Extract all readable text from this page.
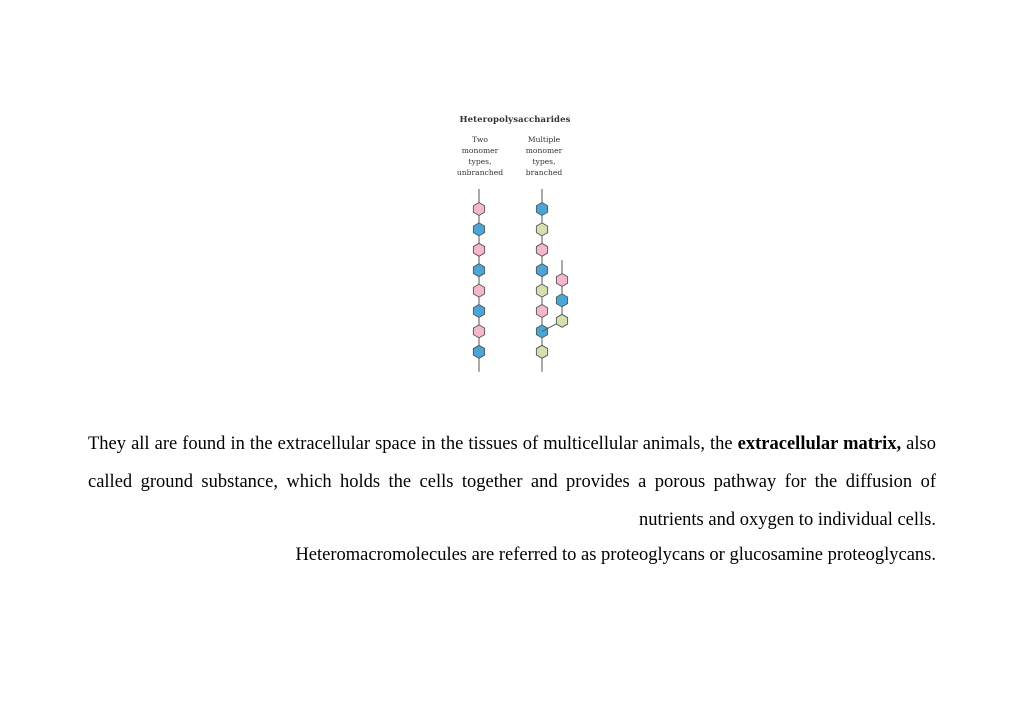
Heteropolysaccharides
Two
monomer
types,
unbranched
Multiple
monomer
types,
branched
They all are found in the extracellular space in the tissues of multicellular animals, the extracellular matrix, also called ground substance, which holds the cells together and provides a porous pathway for the diffusion of nutrients and oxygen to individual cells.
Heteromacromolecules are referred to as proteoglycans or glucosamine proteoglycans.
